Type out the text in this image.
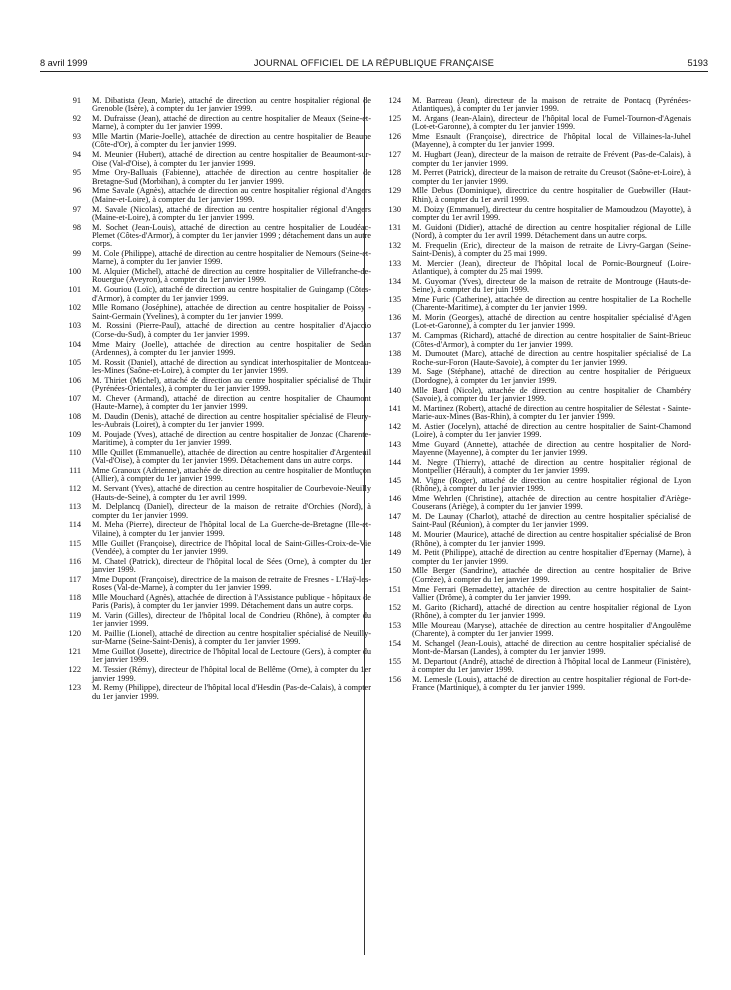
8 avril 1999	JOURNAL OFFICIEL DE LA RÉPUBLIQUE FRANÇAISE	5193
91 M. Dibatista (Jean, Marie), attaché de direction au centre hospitalier régional de Grenoble (Isère), à compter du 1er janvier 1999.
92 M. Dufraisse (Jean), attaché de direction au centre hospitalier de Meaux (Seine-et-Marne), à compter du 1er janvier 1999.
93 Mlle Martin (Marie-Joelle), attachée de direction au centre hospitalier de Beaune (Côte-d'Or), à compter du 1er janvier 1999.
94 M. Meunier (Hubert), attaché de direction au centre hospitalier de Beaumont-sur-Oise (Val-d'Oise), à compter du 1er janvier 1999.
95 Mme Ory-Balluais (Fabienne), attachée de direction au centre hospitalier de Bretagne-Sud (Morbihan), à compter du 1er janvier 1999.
96 Mme Savale (Agnès), attachée de direction au centre hospitalier régional d'Angers (Maine-et-Loire), à compter du 1er janvier 1999.
97 M. Savale (Nicolas), attaché de direction au centre hospitalier régional d'Angers (Maine-et-Loire), à compter du 1er janvier 1999.
98 M. Sochet (Jean-Louis), attaché de direction au centre hospitalier de Loudéac-Plemet (Côtes-d'Armor), à compter du 1er janvier 1999 ; détachement dans un autre corps.
99 M. Cole (Philippe), attaché de direction au centre hospitalier de Nemours (Seine-et-Marne), à compter du 1er janvier 1999.
100 M. Alquier (Michel), attaché de direction au centre hospitalier de Villefranche-de-Rouergue (Aveyron), à compter du 1er janvier 1999.
101 M. Gouriou (Loïc), attaché de direction au centre hospitalier de Guingamp (Côtes-d'Armor), à compter du 1er janvier 1999.
102 Mlle Romano (Joséphine), attachée de direction au centre hospitalier de Poissy - Saint-Germain (Yvelines), à compter du 1er janvier 1999.
103 M. Rossini (Pierre-Paul), attaché de direction au centre hospitalier d'Ajaccio (Corse-du-Sud), à compter du 1er janvier 1999.
104 Mme Mairy (Joelle), attachée de direction au centre hospitalier de Sedan (Ardennes), à compter du 1er janvier 1999.
105 M. Rossit (Daniel), attaché de direction au syndicat interhospitalier de Montceau-les-Mines (Saône-et-Loire), à compter du 1er janvier 1999.
106 M. Thiriet (Michel), attaché de direction au centre hospitalier spécialisé de Thuir (Pyrénées-Orientales), à compter du 1er janvier 1999.
107 M. Chever (Armand), attaché de direction au centre hospitalier de Chaumont (Haute-Marne), à compter du 1er janvier 1999.
108 M. Daudin (Denis), attaché de direction au centre hospitalier spécialisé de Fleury-les-Aubrais (Loiret), à compter du 1er janvier 1999.
109 M. Poujade (Yves), attaché de direction au centre hospitalier de Jonzac (Charente-Maritime), à compter du 1er janvier 1999.
110 Mlle Quillet (Emmanuelle), attachée de direction au centre hospitalier d'Argenteuil (Val-d'Oise), à compter du 1er janvier 1999. Détachement dans un autre corps.
111 Mme Granoux (Adrienne), attachée de direction au centre hospitalier de Montluçon (Allier), à compter du 1er janvier 1999.
112 M. Servant (Yves), attaché de direction au centre hospitalier de Courbevoie-Neuilly (Hauts-de-Seine), à compter du 1er avril 1999.
113 M. Delplancq (Daniel), directeur de la maison de retraite d'Orchies (Nord), à compter du 1er janvier 1999.
114 M. Meha (Pierre), directeur de l'hôpital local de La Guerche-de-Bretagne (Ille-et-Vilaine), à compter du 1er janvier 1999.
115 Mlle Guillet (Françoise), directrice de l'hôpital local de Saint-Gilles-Croix-de-Vie (Vendée), à compter du 1er janvier 1999.
116 M. Chatel (Patrick), directeur de l'hôpital local de Sées (Orne), à compter du 1er janvier 1999.
117 Mme Dupont (Françoise), directrice de la maison de retraite de Fresnes - L'Haÿ-les-Roses (Val-de-Marne), à compter du 1er janvier 1999.
118 Mlle Mouchard (Agnès), attachée de direction à l'Assistance publique - hôpitaux de Paris (Paris), à compter du 1er janvier 1999. Détachement dans un autre corps.
119 M. Varin (Gilles), directeur de l'hôpital local de Condrieu (Rhône), à compter du 1er janvier 1999.
120 M. Paillie (Lionel), attaché de direction au centre hospitalier spécialisé de Neuilly-sur-Marne (Seine-Saint-Denis), à compter du 1er janvier 1999.
121 Mme Guillot (Josette), directrice de l'hôpital local de Lectoure (Gers), à compter du 1er janvier 1999.
122 M. Tessier (Rémy), directeur de l'hôpital local de Bellême (Orne), à compter du 1er janvier 1999.
123 M. Remy (Philippe), directeur de l'hôpital local d'Hesdin (Pas-de-Calais), à compter du 1er janvier 1999.
124 M. Barreau (Jean), directeur de la maison de retraite de Pontacq (Pyrénées-Atlantiques), à compter du 1er janvier 1999.
125 M. Argans (Jean-Alain), directeur de l'hôpital local de Fumel-Tournon-d'Agenais (Lot-et-Garonne), à compter du 1er janvier 1999.
126 Mme Esnault (Françoise), directrice de l'hôpital local de Villaines-la-Juhel (Mayenne), à compter du 1er janvier 1999.
127 M. Hugbart (Jean), directeur de la maison de retraite de Frévent (Pas-de-Calais), à compter du 1er janvier 1999.
128 M. Perret (Patrick), directeur de la maison de retraite du Creusot (Saône-et-Loire), à compter du 1er janvier 1999.
129 Mlle Debus (Dominique), directrice du centre hospitalier de Guebwiller (Haut-Rhin), à compter du 1er avril 1999.
130 M. Doizy (Emmanuel), directeur du centre hospitalier de Mamoudzou (Mayotte), à compter du 1er avril 1999.
131 M. Guidoni (Didier), attaché de direction au centre hospitalier régional de Lille (Nord), à compter du 1er avril 1999. Détachement dans un autre corps.
132 M. Frequelin (Eric), directeur de la maison de retraite de Livry-Gargan (Seine-Saint-Denis), à compter du 25 mai 1999.
133 M. Mercier (Jean), directeur de l'hôpital local de Pornic-Bourgneuf (Loire-Atlantique), à compter du 25 mai 1999.
134 M. Guyomar (Yves), directeur de la maison de retraite de Montrouge (Hauts-de-Seine), à compter du 1er juin 1999.
135 Mme Furic (Catherine), attachée de direction au centre hospitalier de La Rochelle (Charente-Maritime), à compter du 1er janvier 1999.
136 M. Morin (Georges), attaché de direction au centre hospitalier spécialisé d'Agen (Lot-et-Garonne), à compter du 1er janvier 1999.
137 M. Campmas (Richard), attaché de direction au centre hospitalier de Saint-Brieuc (Côtes-d'Armor), à compter du 1er janvier 1999.
138 M. Dumoutet (Marc), attaché de direction au centre hospitalier spécialisé de La Roche-sur-Foron (Haute-Savoie), à compter du 1er janvier 1999.
139 M. Sage (Stéphane), attaché de direction au centre hospitalier de Périgueux (Dordogne), à compter du 1er janvier 1999.
140 Mlle Bard (Nicole), attachée de direction au centre hospitalier de Chambéry (Savoie), à compter du 1er janvier 1999.
141 M. Martinez (Robert), attaché de direction au centre hospitalier de Sélestat - Sainte-Marie-aux-Mines (Bas-Rhin), à compter du 1er janvier 1999.
142 M. Astier (Jocelyn), attaché de direction au centre hospitalier de Saint-Chamond (Loire), à compter du 1er janvier 1999.
143 Mme Guyard (Annette), attachée de direction au centre hospitalier de Nord-Mayenne (Mayenne), à compter du 1er janvier 1999.
144 M. Negre (Thierry), attaché de direction au centre hospitalier régional de Montpellier (Hérault), à compter du 1er janvier 1999.
145 M. Vigne (Roger), attaché de direction au centre hospitalier régional de Lyon (Rhône), à compter du 1er janvier 1999.
146 Mme Wehrlen (Christine), attachée de direction au centre hospitalier d'Ariège-Couserans (Ariège), à compter du 1er janvier 1999.
147 M. De Launay (Charlot), attaché de direction au centre hospitalier spécialisé de Saint-Paul (Réunion), à compter du 1er janvier 1999.
148 M. Mourier (Maurice), attaché de direction au centre hospitalier spécialisé de Bron (Rhône), à compter du 1er janvier 1999.
149 M. Petit (Philippe), attaché de direction au centre hospitalier d'Epernay (Marne), à compter du 1er janvier 1999.
150 Mlle Berger (Sandrine), attachée de direction au centre hospitalier de Brive (Corrèze), à compter du 1er janvier 1999.
151 Mme Ferrari (Bernadette), attachée de direction au centre hospitalier de Saint-Vallier (Drôme), à compter du 1er janvier 1999.
152 M. Garito (Richard), attaché de direction au centre hospitalier régional de Lyon (Rhône), à compter du 1er janvier 1999.
153 Mlle Moureau (Maryse), attachée de direction au centre hospitalier d'Angoulême (Charente), à compter du 1er janvier 1999.
154 M. Schangel (Jean-Louis), attaché de direction au centre hospitalier spécialisé de Mont-de-Marsan (Landes), à compter du 1er janvier 1999.
155 M. Departout (André), attaché de direction à l'hôpital local de Lanmeur (Finistère), à compter du 1er janvier 1999.
156 M. Lemesle (Louis), attaché de direction au centre hospitalier régional de Fort-de-France (Martinique), à compter du 1er janvier 1999.
